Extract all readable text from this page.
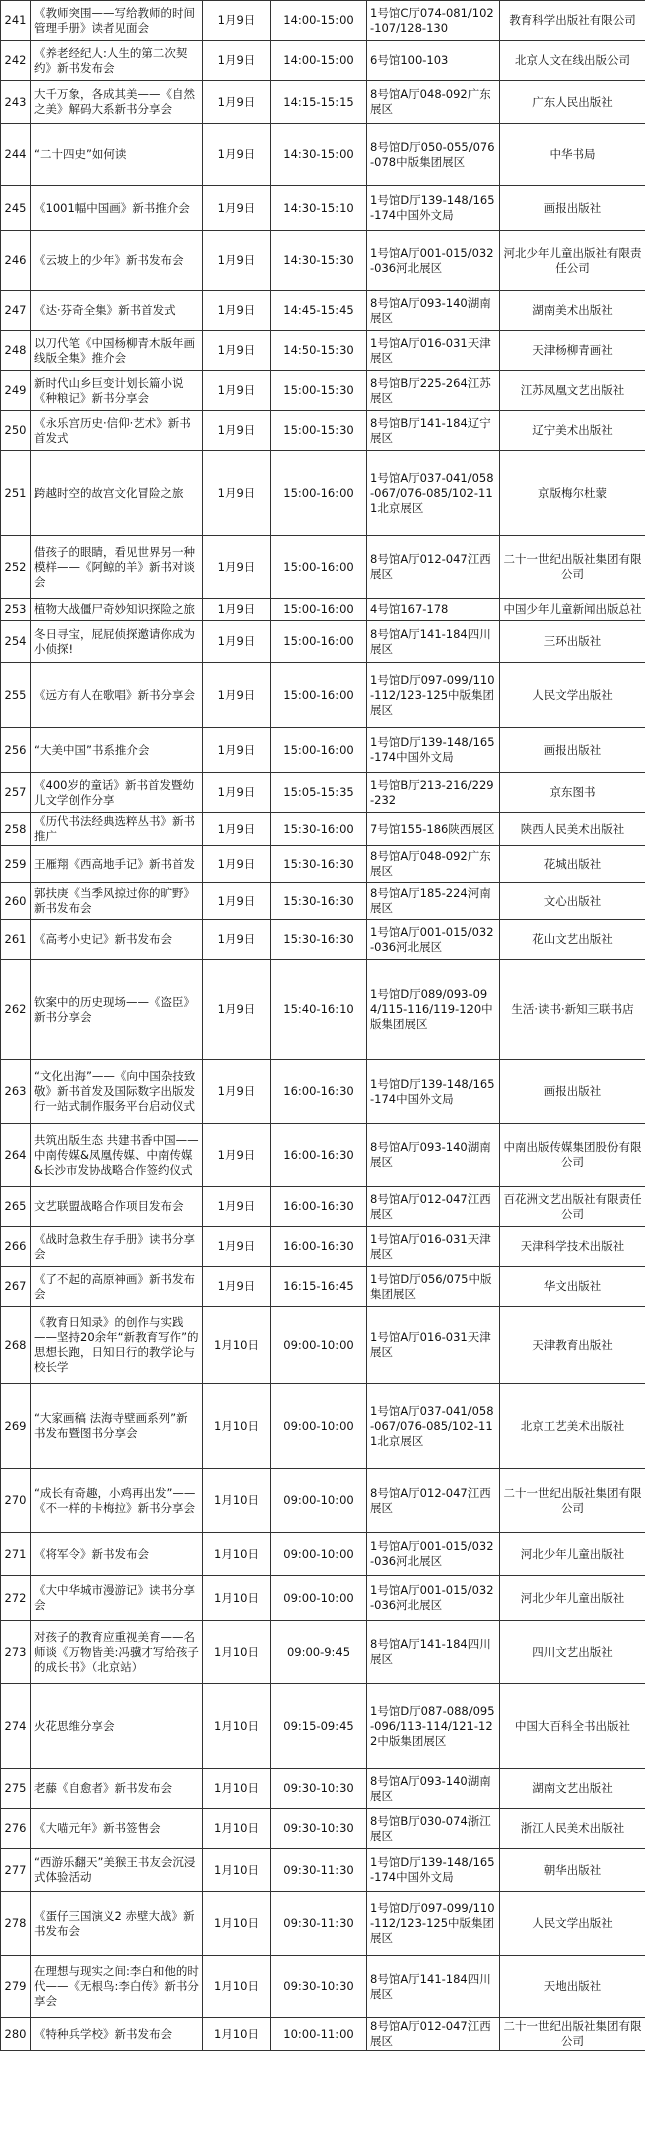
241	《教师突围——写给教师的时间管理手册》读者见面会	1月9日	14:00-15:00	1号馆C厅074-081/102-107/128-130	教育科学出版社有限公司
242	《养老经纪人:人生的第二次契约》新书发布会	1月9日	14:00-15:00	6号馆100-103	北京人文在线出版公司
243	大千万象，各成其美——《自然之美》解码大系新书分享会	1月9日	14:15-15:15	8号馆A厅048-092广东展区	广东人民出版社
244	“二十四史”如何读	1月9日	14:30-15:00	8号馆D厅050-055/076-078中版集团展区	中华书局
245	《1001幅中国画》新书推介会	1月9日	14:30-15:10	1号馆D厅139-148/165-174中国外文局	画报出版社
246	《云坡上的少年》新书发布会	1月9日	14:30-15:30	1号馆A厅001-015/032-036河北展区	河北少年儿童出版社有限责任公司
247	《达·芬奇全集》新书首发式	1月9日	14:45-15:45	8号馆A厅093-140湖南展区	湖南美术出版社
248	以刀代笔《中国杨柳青木版年画线版全集》推介会	1月9日	14:50-15:30	1号馆A厅016-031天津展区	天津杨柳青画社
249	新时代山乡巨变计划长篇小说《种粮记》新书分享会	1月9日	15:00-15:30	8号馆B厅225-264江苏展区	江苏凤凰文艺出版社
250	《永乐宫历史·信仰·艺术》新书首发式	1月9日	15:00-15:30	8号馆B厅141-184辽宁展区	辽宁美术出版社
251	跨越时空的故宫文化冒险之旅	1月9日	15:00-16:00	1号馆A厅037-041/058-067/076-085/102-111北京展区	京版梅尔杜蒙
252	借孩子的眼睛，看见世界另一种模样——《阿鲸的羊》新书对谈会	1月9日	15:00-16:00	8号馆A厅012-047江西展区	二十一世纪出版社集团有限公司
253	植物大战僵尸奇妙知识探险之旅	1月9日	15:00-16:00	4号馆167-178	中国少年儿童新闻出版总社
254	冬日寻宝，屁屁侦探邀请你成为小侦探!	1月9日	15:00-16:00	8号馆A厅141-184四川展区	三环出版社
255	《远方有人在歌唱》新书分享会	1月9日	15:00-16:00	1号馆D厅097-099/110-112/123-125中版集团展区	人民文学出版社
256	“大美中国”书系推介会	1月9日	15:00-16:00	1号馆D厅139-148/165-174中国外文局	画报出版社
257	《400岁的童话》新书首发暨幼儿文学创作分享	1月9日	15:05-15:35	1号馆B厅213-216/229-232	京东图书
258	《历代书法经典选粹丛书》新书推广	1月9日	15:30-16:00	7号馆155-186陕西展区	陕西人民美术出版社
259	王雁翔《西高地手记》新书首发	1月9日	15:30-16:30	8号馆A厅048-092广东展区	花城出版社
260	郭扶庚《当季风掠过你的旷野》新书发布会	1月9日	15:30-16:30	8号馆A厅185-224河南展区	文心出版社
261	《高考小史记》新书发布会	1月9日	15:30-16:30	1号馆A厅001-015/032-036河北展区	花山文艺出版社
262	钦案中的历史现场——《盗臣》新书分享会	1月9日	15:40-16:10	1号馆D厅089/093-094/115-116/119-120中版集团展区	生活·读书·新知三联书店
263	“文化出海”——《向中国杂技致敬》新书首发及国际数字出版发行一站式制作服务平台启动仪式	1月9日	16:00-16:30	1号馆D厅139-148/165-174中国外文局	画报出版社
264	共筑出版生态 共建书香中国——中南传媒&凤凰传媒、中南传媒&长沙市发协战略合作签约仪式	1月9日	16:00-16:30	8号馆A厅093-140湖南展区	中南出版传媒集团股份有限公司
265	文艺联盟战略合作项目发布会	1月9日	16:00-16:30	8号馆A厅012-047江西展区	百花洲文艺出版社有限责任公司
266	《战时急救生存手册》读书分享会	1月9日	16:00-16:30	1号馆A厅016-031天津展区	天津科学技术出版社
267	《了不起的高原神画》新书发布会	1月9日	16:15-16:45	1号馆D厅056/075中版集团展区	华文出版社
268	《教育日知录》的创作与实践——坚持20余年“新教育写作”的思想长跑，日知日行的教学论与校长学	1月10日	09:00-10:00	1号馆A厅016-031天津展区	天津教育出版社
269	“大家画稿 法海寺壁画系列”新书发布暨图书分享会	1月10日	09:00-10:00	1号馆A厅037-041/058-067/076-085/102-111北京展区	北京工艺美术出版社
270	“成长有奇趣，小鸡再出发”——《不一样的卡梅拉》新书分享会	1月10日	09:00-10:00	8号馆A厅012-047江西展区	二十一世纪出版社集团有限公司
271	《将军令》新书发布会	1月10日	09:00-10:00	1号馆A厅001-015/032-036河北展区	河北少年儿童出版社
272	《大中华城市漫游记》读书分享会	1月10日	09:00-10:00	1号馆A厅001-015/032-036河北展区	河北少年儿童出版社
273	对孩子的教育应重视美育——名师谈《万物皆美:冯骥才写给孩子的成长书》（北京站）	1月10日	09:00-9:45	8号馆A厅141-184四川展区	四川文艺出版社
274	火花思维分享会	1月10日	09:15-09:45	1号馆D厅087-088/095-096/113-114/121-122中版集团展区	中国大百科全书出版社
275	老藤《自愈者》新书发布会	1月10日	09:30-10:30	8号馆A厅093-140湖南展区	湖南文艺出版社
276	《大喵元年》新书签售会	1月10日	09:30-10:30	8号馆B厅030-074浙江展区	浙江人民美术出版社
277	“西游乐翻天”美猴王书友会沉浸式体验活动	1月10日	09:30-11:30	1号馆D厅139-148/165-174中国外文局	朝华出版社
278	《蛋仔三国演义2 赤壁大战》新书发布会	1月10日	09:30-11:30	1号馆D厅097-099/110-112/123-125中版集团展区	人民文学出版社
279	在理想与现实之间:李白和他的时代——《无根鸟:李白传》新书分享会	1月10日	09:30-10:30	8号馆A厅141-184四川展区	天地出版社
280	《特种兵学校》新书发布会	1月10日	10:00-11:00	8号馆A厅012-047江西展区	二十一世纪出版社集团有限公司
